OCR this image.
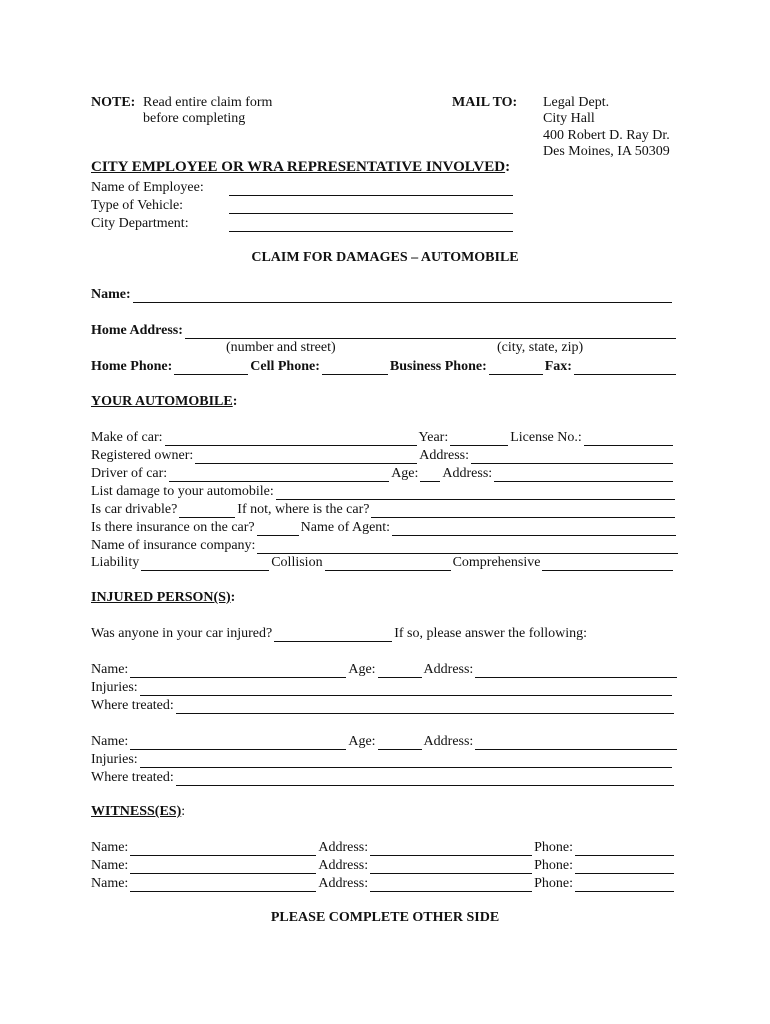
NOTE: Read entire claim form
before completing
MAIL TO: Legal Dept.
City Hall
400 Robert D. Ray Dr.
Des Moines, IA 50309
CITY EMPLOYEE OR WRA REPRESENTATIVE INVOLVED:
Name of Employee:
Type of Vehicle:
City Department:
CLAIM FOR DAMAGES – AUTOMOBILE
Name:
Home Address:
(number and street)	(city, state, zip)
Home Phone:	Cell Phone:	Business Phone:	Fax:
YOUR AUTOMOBILE:
Make of car:	Year:	License No.:
Registered owner:	Address:
Driver of car:	Age: Address:
List damage to your automobile:
Is car drivable?	If not, where is the car?
Is there insurance on the car?	Name of Agent:
Name of insurance company:
Liability	Collision	Comprehensive
INJURED PERSON(S):
Was anyone in your car injured?	If so, please answer the following:
Name:	Age:	Address:
Injuries:
Where treated:
Name:	Age:	Address:
Injuries:
Where treated:
WITNESS(ES):
Name:	Address:	Phone:
Name:	Address:	Phone:
Name:	Address:	Phone:
PLEASE COMPLETE OTHER SIDE
